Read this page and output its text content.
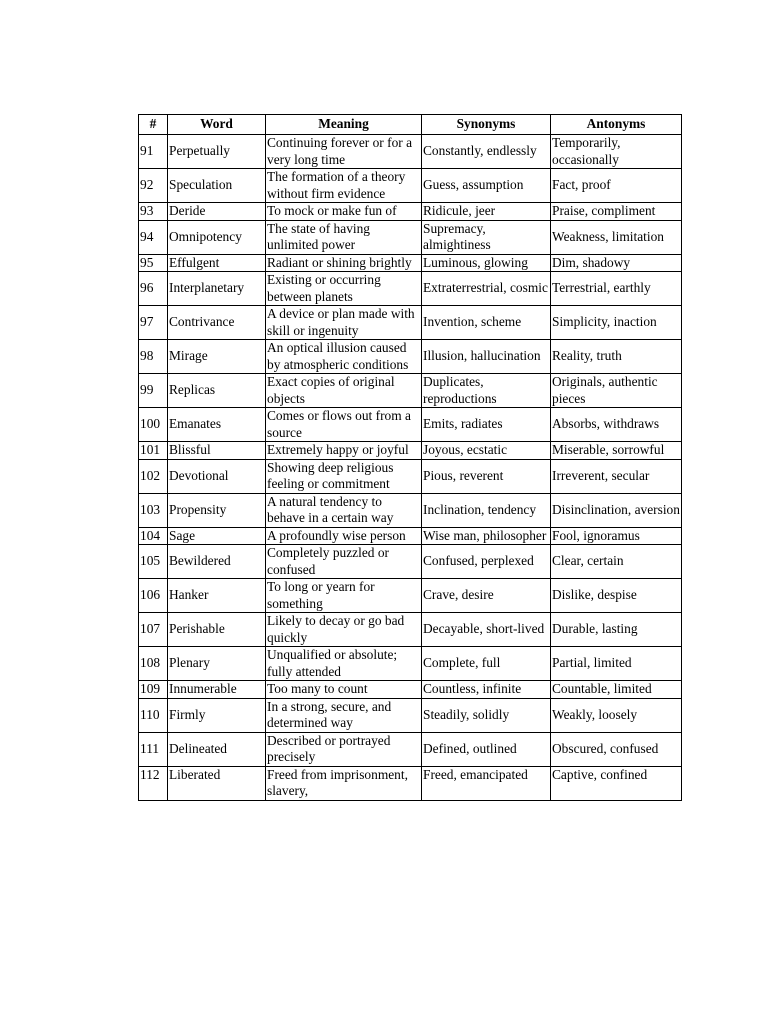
#	Word	Meaning	Synonyms	Antonyms
91	Perpetually	Continuing forever or for a very long time	Constantly, endlessly	Temporarily, occasionally
92	Speculation	The formation of a theory without firm evidence	Guess, assumption	Fact, proof
93	Deride	To mock or make fun of	Ridicule, jeer	Praise, compliment
94	Omnipotency	The state of having unlimited power	Supremacy, almightiness	Weakness, limitation
95	Effulgent	Radiant or shining brightly	Luminous, glowing	Dim, shadowy
96	Interplanetary	Existing or occurring between planets	Extraterrestrial, cosmic	Terrestrial, earthly
97	Contrivance	A device or plan made with skill or ingenuity	Invention, scheme	Simplicity, inaction
98	Mirage	An optical illusion caused by atmospheric conditions	Illusion, hallucination	Reality, truth
99	Replicas	Exact copies of original objects	Duplicates, reproductions	Originals, authentic pieces
100	Emanates	Comes or flows out from a source	Emits, radiates	Absorbs, withdraws
101	Blissful	Extremely happy or joyful	Joyous, ecstatic	Miserable, sorrowful
102	Devotional	Showing deep religious feeling or commitment	Pious, reverent	Irreverent, secular
103	Propensity	A natural tendency to behave in a certain way	Inclination, tendency	Disinclination, aversion
104	Sage	A profoundly wise person	Wise man, philosopher	Fool, ignoramus
105	Bewildered	Completely puzzled or confused	Confused, perplexed	Clear, certain
106	Hanker	To long or yearn for something	Crave, desire	Dislike, despise
107	Perishable	Likely to decay or go bad quickly	Decayable, short-lived	Durable, lasting
108	Plenary	Unqualified or absolute; fully attended	Complete, full	Partial, limited
109	Innumerable	Too many to count	Countless, infinite	Countable, limited
110	Firmly	In a strong, secure, and determined way	Steadily, solidly	Weakly, loosely
111	Delineated	Described or portrayed precisely	Defined, outlined	Obscured, confused
112	Liberated	Freed from imprisonment, slavery,	Freed, emancipated	Captive, confined
